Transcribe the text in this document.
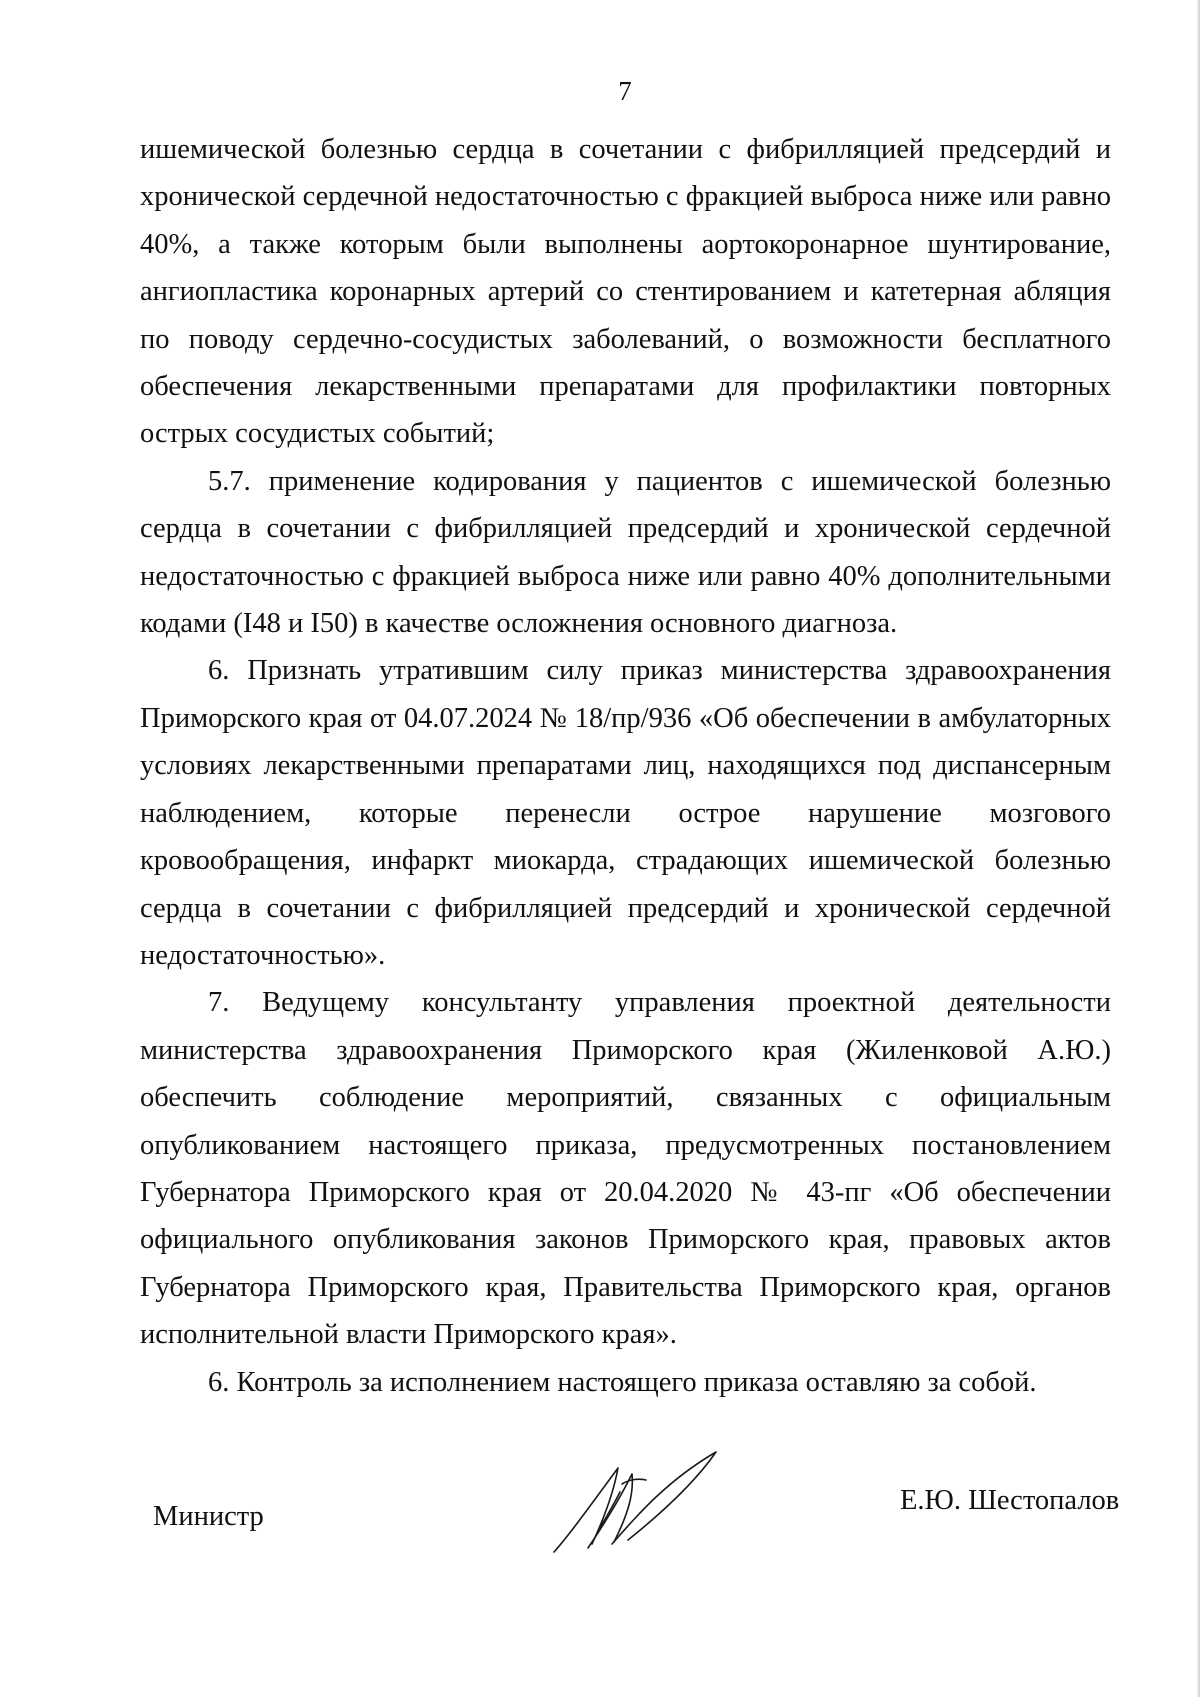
7

ишемической болезнью сердца в сочетании с фибрилляцией предсердий и хронической сердечной недостаточностью с фракцией выброса ниже или равно 40%, а также которым были выполнены аортокоронарное шунтирование, ангиопластика коронарных артерий со стентированием и катетерная абляция по поводу сердечно-сосудистых заболеваний, о возможности бесплатного обеспечения лекарственными препаратами для профилактики повторных острых сосудистых событий;

5.7. применение кодирования у пациентов с ишемической болезнью сердца в сочетании с фибрилляцией предсердий и хронической сердечной недостаточностью с фракцией выброса ниже или равно 40% дополнительными кодами (I48 и I50) в качестве осложнения основного диагноза.

6. Признать утратившим силу приказ министерства здравоохранения Приморского края от 04.07.2024 № 18/пр/936 «Об обеспечении в амбулаторных условиях лекарственными препаратами лиц, находящихся под диспансерным наблюдением, которые перенесли острое нарушение мозгового кровообращения, инфаркт миокарда, страдающих ишемической болезнью сердца в сочетании с фибрилляцией предсердий и хронической сердечной недостаточностью».

7. Ведущему консультанту управления проектной деятельности министерства здравоохранения Приморского края (Жиленковой А.Ю.) обеспечить соблюдение мероприятий, связанных с официальным опубликованием настоящего приказа, предусмотренных постановлением Губернатора Приморского края от 20.04.2020 № 43-пг «Об обеспечении официального опубликования законов Приморского края, правовых актов Губернатора Приморского края, Правительства Приморского края, органов исполнительной власти Приморского края».

6. Контроль за исполнением настоящего приказа оставляю за собой.

Министр
Е.Ю. Шестопалов
